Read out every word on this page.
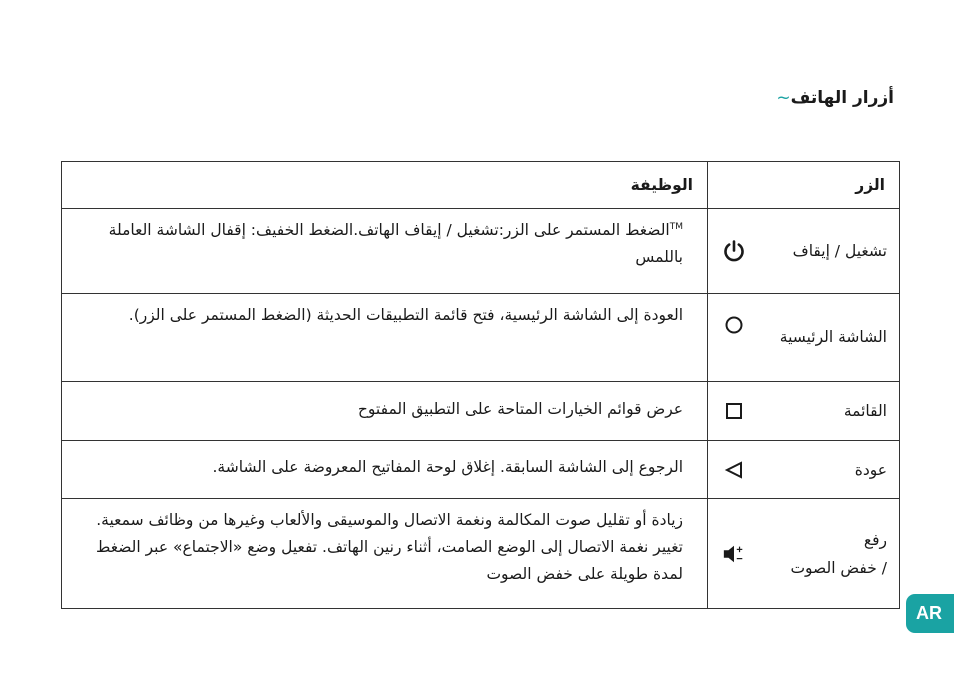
أزرار الهاتف~
الزر	الوظيفة

تشغيل / إيقاف	™الضغط المستمر على الزر:تشغيل / إيقاف الهاتف.الضغط الخفيف: إقفال الشاشة العاملة باللمس

الشاشة الرئيسية	العودة إلى الشاشة الرئيسية، فتح قائمة التطبيقات الحديثة (الضغط المستمر على الزر).

القائمة	عرض قوائم الخيارات المتاحة على التطبيق المفتوح

عودة	الرجوع إلى الشاشة السابقة. إغلاق لوحة المفاتيح المعروضة على الشاشة.

رفع
/ خفض الصوت	زيادة أو تقليل صوت المكالمة ونغمة الاتصال والموسيقى والألعاب وغيرها من وظائف سمعية. تغيير نغمة الاتصال إلى الوضع الصامت، أثناء رنين الهاتف. تفعيل وضع «الاجتماع» عبر الضغط لمدة طويلة على خفض الصوت
AR
